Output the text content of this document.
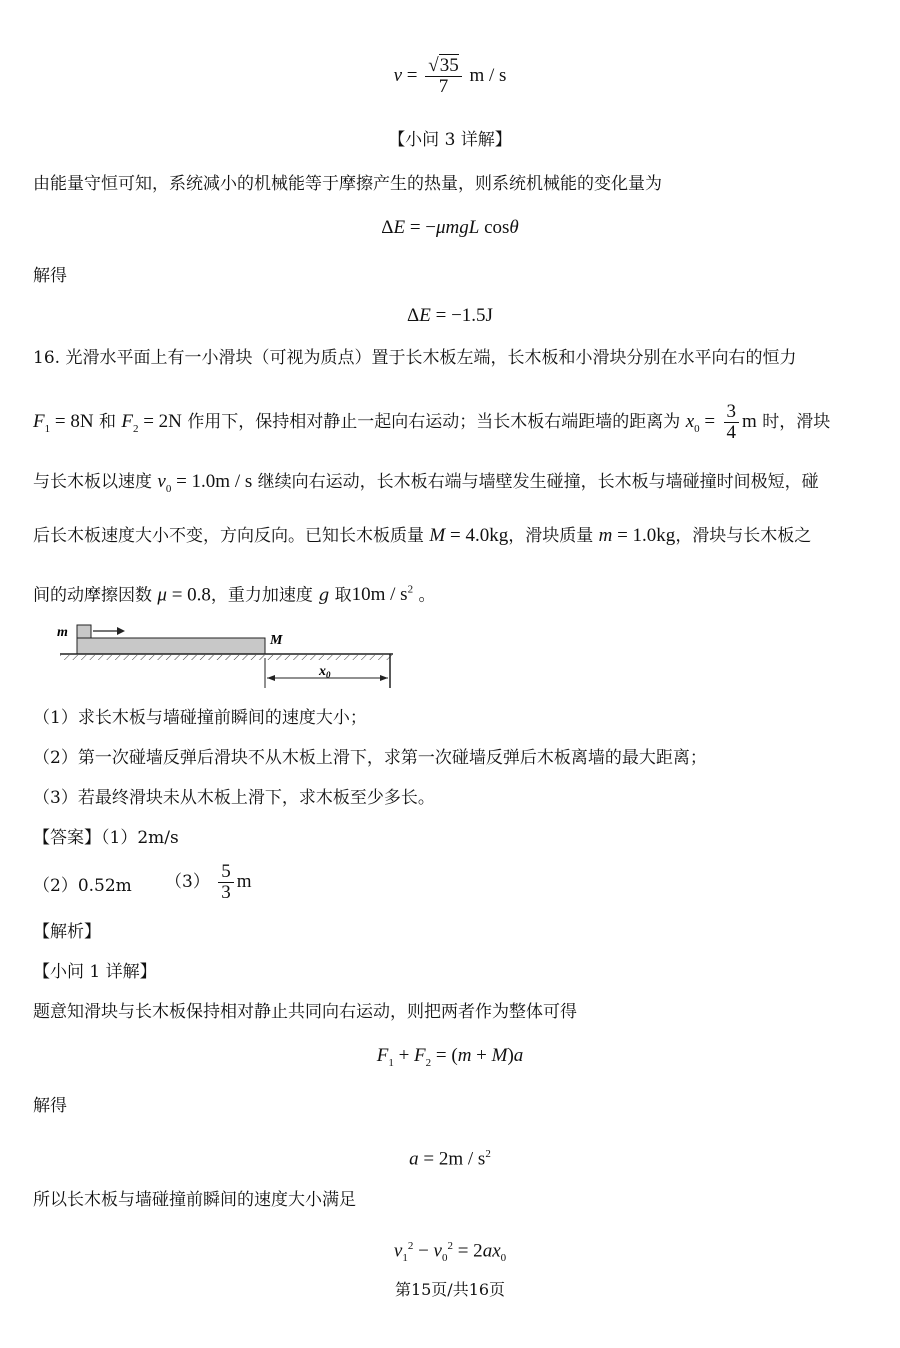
$v = \frac{√35}{7}$ m / s
【小问 3 详解】
由能量守恒可知，系统减小的机械能等于摩擦产生的热量，则系统机械能的变化量为
ΔE = −μmgL cosθ
解得
ΔE = −1.5J
16. 光滑水平面上有一小滑块（可视为质点）置于长木板左端，长木板和小滑块分别在水平向右的恒力
$F_1 = 8N$ 和 $F_2 = 2N$ 作用下，保持相对静止一起向右运动；当长木板右端距墙的距离为 $x_0 = \frac{3}{4}$ m 时，滑块
与长木板以速度 $v_0 = 1.0m / s$ 继续向右运动，长木板右端与墙壁发生碰撞，长木板与墙碰撞时间极短，碰
后长木板速度大小不变，方向反向。已知长木板质量 M = 4.0kg，滑块质量 m = 1.0kg，滑块与长木板之
间的动摩擦因数 μ = 0.8，重力加速度 g 取$10m / s^2$ 。
m
M
$x_0$
（1）求长木板与墙碰撞前瞬间的速度大小；
（2）第一次碰墙反弹后滑块不从木板上滑下，求第一次碰墙反弹后木板离墙的最大距离；
（3）若最终滑块未从木板上滑下，求木板至少多长。
【答案】（1）2m/s
（2）0.52m $(3) \frac{5}{3}$ m
【解析】
【小问 1 详解】
题意知滑块与长木板保持相对静止共同向右运动，则把两者作为整体可得
$F_1 + F_2 = (m + M)a$
解得
$a = 2m / s^2$
所以长木板与墙碰撞前瞬间的速度大小满足
$v_1^2 - v_0^2 = 2ax_0$
第15页/共16页
